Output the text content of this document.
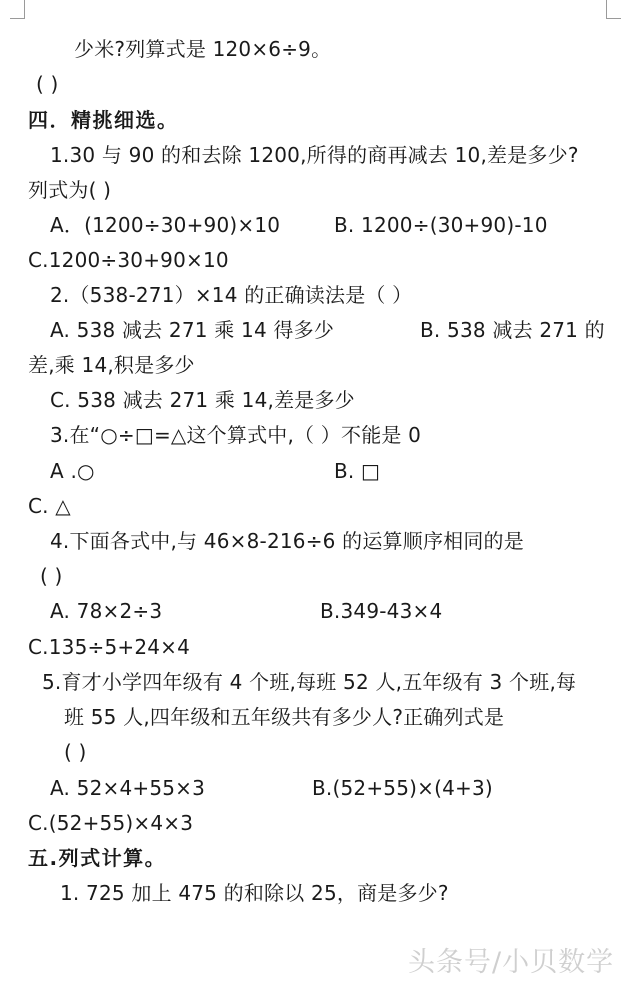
少米?列算式是 120×6÷9。
( )
四．精挑细选。
1.30 与 90 的和去除 1200,所得的商再减去 10,差是多少?
列式为( )
A．(1200÷30+90)×10	B. 1200÷(30+90)-10
C.1200÷30+90×10
2.（538-271）×14 的正确读法是（ ）
A. 538 减去 271 乘 14 得多少	B. 538 减去 271 的
差,乘 14,积是多少
C. 538 减去 271 乘 14,差是多少
3.在“○÷□=△这个算式中,（ ）不能是 0
A .○	B. □
C. △
4.下面各式中,与 46×8-216÷6 的运算顺序相同的是
( )
A. 78×2÷3	B.349-43×4
C.135÷5+24×4
5.育才小学四年级有 4 个班,每班 52 人,五年级有 3 个班,每
班 55 人,四年级和五年级共有多少人?正确列式是
( )
A. 52×4+55×3	B.(52+55)×(4+3)
C.(52+55)×4×3
五.列式计算。
1. 725 加上 475 的和除以 25，商是多少?
头条号/小贝数学
